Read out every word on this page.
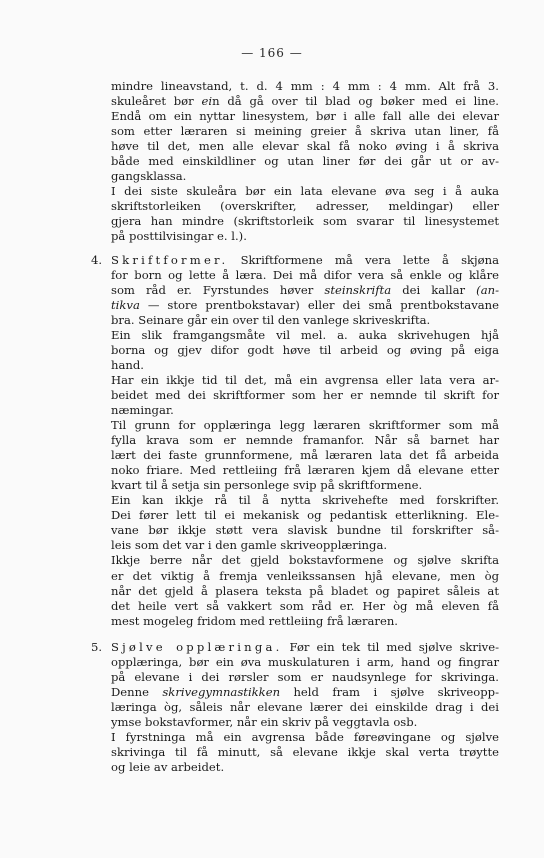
— 166 —
mindre lineavstand, t. d. 4 mm : 4 mm : 4 mm. Alt frå 3.
skuleåret bør ein då gå over til blad og bøker med ei line.
Endå om ein nyttar linesystem, bør i alle fall alle dei elevar
som etter læraren si meining greier å skriva utan liner, få
høve til det, men alle elevar skal få noko øving i å skriva
både med einskildliner og utan liner før dei går ut or av-
gangsklassa.
I dei siste skuleåra bør ein lata elevane øva seg i å auka
skriftstorleiken (overskrifter, adresser, meldingar) eller
gjera han mindre (skriftstorleik som svarar til linesystemet
på posttilvisingar e. l.).
4. Skriftformer. Skriftformene må vera lette å skjøna
for born og lette å læra. Dei må difor vera så enkle og klåre
som råd er. Fyrstundes høver steinskrifta dei kallar (an-
tikva — store prentbokstavar) eller dei små prentbokstavane
bra. Seinare går ein over til den vanlege skriveskrifta.
Ein slik framgangsmåte vil mel. a. auka skrivehugen hjå
borna og gjev difor godt høve til arbeid og øving på eiga
hand.
Har ein ikkje tid til det, må ein avgrensa eller lata vera ar-
beidet med dei skriftformer som her er nemnde til skrift for
næmingar.
Til grunn for opplæringa legg læraren skriftformer som må
fylla krava som er nemnde framanfor. Når så barnet har
lært dei faste grunnformene, må læraren lata det få arbeida
noko friare. Med rettleiing frå læraren kjem då elevane etter
kvart til å setja sin personlege svip på skriftformene.
Ein kan ikkje rå til å nytta skrivehefte med forskrifter.
Dei fører lett til ei mekanisk og pedantisk etterlikning. Ele-
vane bør ikkje støtt vera slavisk bundne til forskrifter så-
leis som det var i den gamle skriveopplæringa.
Ikkje berre når det gjeld bokstavformene og sjølve skrifta
er det viktig å fremja venleikssansen hjå elevane, men òg
når det gjeld å plasera teksta på bladet og papiret såleis at
det heile vert så vakkert som råd er. Her òg må eleven få
mest mogeleg fridom med rettleiing frå læraren.
5. Sjølve opplæringa. Før ein tek til med sjølve skrive-
opplæringa, bør ein øva muskulaturen i arm, hand og fingrar
på elevane i dei rørsler som er naudsynlege for skrivinga.
Denne skrivegymnastikken held fram i sjølve skriveopp-
læringa òg, såleis når elevane lærer dei einskilde drag i dei
ymse bokstavformer, når ein skriv på veggtavla osb.
I fyrstninga må ein avgrensa både føreøvingane og sjølve
skrivinga til få minutt, så elevane ikkje skal verta trøytte
og leie av arbeidet.
